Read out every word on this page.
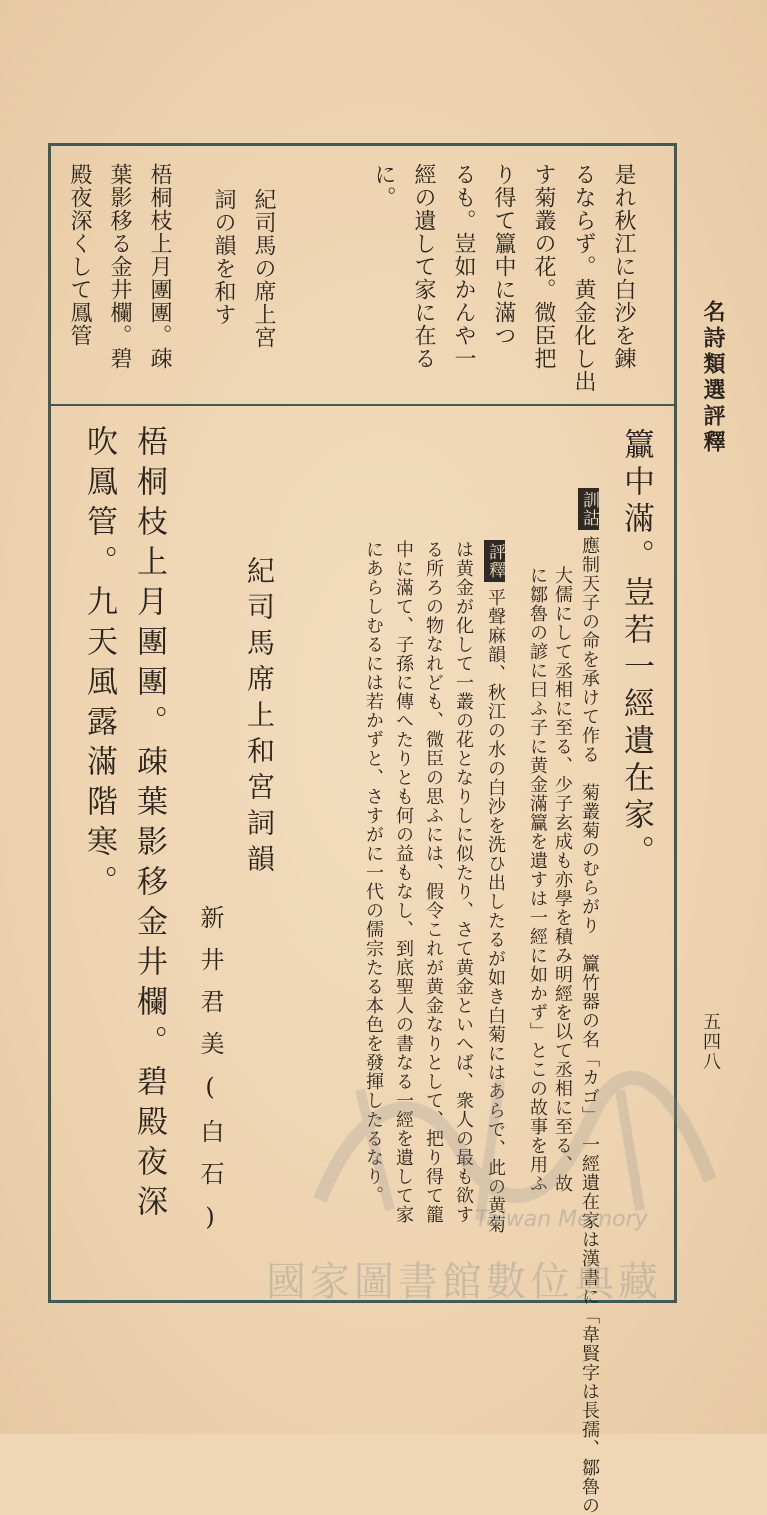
名詩類選評釋
五四八
是れ秋江に白沙を錬
るならず。黄金化し出
す菊叢の花。微臣把
り得て籯中に滿つ
るも。豈如かんや一
經の遺して家に在る
に。
紀司馬の席上宮
詞の韻を和す
梧桐枝上月團團。疎
葉影移る金井欄。碧
殿夜深くして鳳管
籯中滿。豈若一經遺在家。
訓詁應制天子の命を承けて作る　菊叢菊のむらがり　籯竹器の名「カゴ」　一經遺在家は漢書に「韋賢字は長孺、鄒魯の
大儒にして丞相に至る、少子玄成も亦學を積み明經を以て丞相に至る、故
に鄒魯の諺に曰ふ子に黄金滿籯を遺すは一經に如かず」とこの故事を用ふ
評釋平聲麻韻、秋江の水の白沙を洗ひ出したるが如き白菊にはあらで、此の黄菊
は黄金が化して一叢の花となりしに似たり、さて黄金といへば、衆人の最も欲す
る所ろの物なれども、微臣の思ふには、假令これが黄金なりとして、把り得て籠
中に滿て、子孫に傳へたりとも何の益もなし、到底聖人の書なる一經を遺して家
にあらしむるには若かずと、さすがに一代の儒宗たる本色を發揮したるなり。
紀司馬席上和宮詞韻
新井君美(白石)
梧桐枝上月團團。疎葉影移金井欄。碧殿夜深
吹鳳管。九天風露滿階寒。
Taiwan Memory
國家圖書館數位典藏
